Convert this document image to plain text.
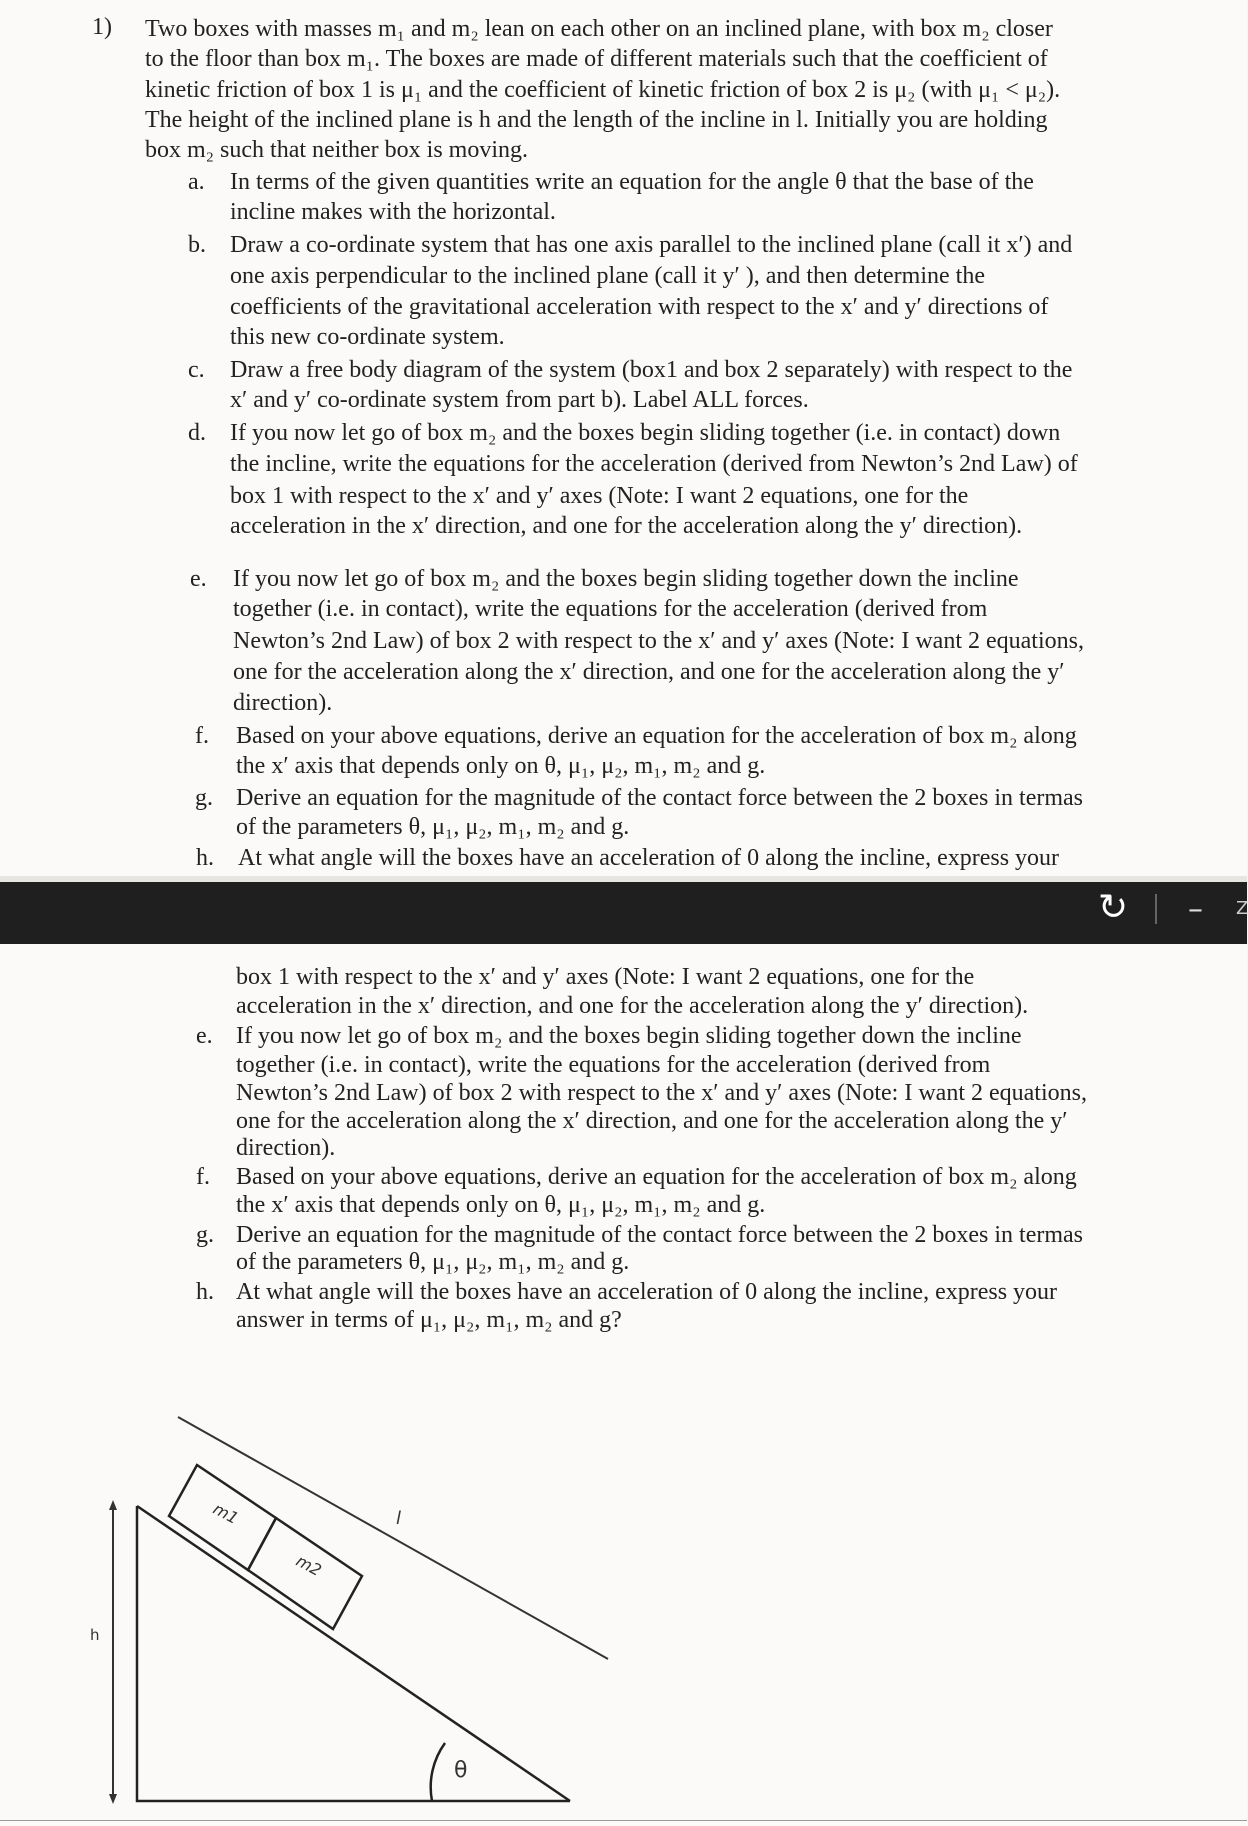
1) Two boxes with masses m₁ and m₂ lean on each other on an inclined plane, with box m₂ closer

to the floor than box m₁. The boxes are made of different materials such that the coefficient of

kinetic friction of box 1 is μ₁ and the coefficient of kinetic friction of box 2 is μ₂ (with μ₁ < μ₂).

The height of the inclined plane is h and the length of the incline in l. Initially you are holding

box m₂ such that neither box is moving.

a. In terms of the given quantities write an equation for the angle θ that the base of the

incline makes with the horizontal.

b. Draw a co-ordinate system that has one axis parallel to the inclined plane (call it x′) and

one axis perpendicular to the inclined plane (call it y′ ), and then determine the

coefficients of the gravitational acceleration with respect to the x′ and y′ directions of

this new co-ordinate system.

c. Draw a free body diagram of the system (box1 and box 2 separately) with respect to the

x′ and y′ co-ordinate system from part b). Label ALL forces.

d. If you now let go of box m₂ and the boxes begin sliding together (i.e. in contact) down

the incline, write the equations for the acceleration (derived from Newton’s 2nd Law) of

box 1 with respect to the x′ and y′ axes (Note: I want 2 equations, one for the

acceleration in the x′ direction, and one for the acceleration along the y′ direction).

e. If you now let go of box m₂ and the boxes begin sliding together down the incline

together (i.e. in contact), write the equations for the acceleration (derived from

Newton’s 2nd Law) of box 2 with respect to the x′ and y′ axes (Note: I want 2 equations,

one for the acceleration along the x′ direction, and one for the acceleration along the y′

direction).

f. Based on your above equations, derive an equation for the acceleration of box m₂ along

the x′ axis that depends only on θ, μ₁, μ₂, m₁, m₂ and g.

g. Derive an equation for the magnitude of the contact force between the 2 boxes in termas

of the parameters θ, μ₁, μ₂, m₁, m₂ and g.

h. At what angle will the boxes have an acceleration of 0 along the incline, express your

↻ – Z

box 1 with respect to the x′ and y′ axes (Note: I want 2 equations, one for the

acceleration in the x′ direction, and one for the acceleration along the y′ direction).

e. If you now let go of box m₂ and the boxes begin sliding together down the incline

together (i.e. in contact), write the equations for the acceleration (derived from

Newton’s 2nd Law) of box 2 with respect to the x′ and y′ axes (Note: I want 2 equations,

one for the acceleration along the x′ direction, and one for the acceleration along the y′

direction).

f. Based on your above equations, derive an equation for the acceleration of box m₂ along

the x′ axis that depends only on θ, μ₁, μ₂, m₁, m₂ and g.

g. Derive an equation for the magnitude of the contact force between the 2 boxes in termas

of the parameters θ, μ₁, μ₂, m₁, m₂ and g.

h. At what angle will the boxes have an acceleration of 0 along the incline, express your

answer in terms of μ₁, μ₂, m₁, m₂ and g?

m1
m2
l
h
θ
